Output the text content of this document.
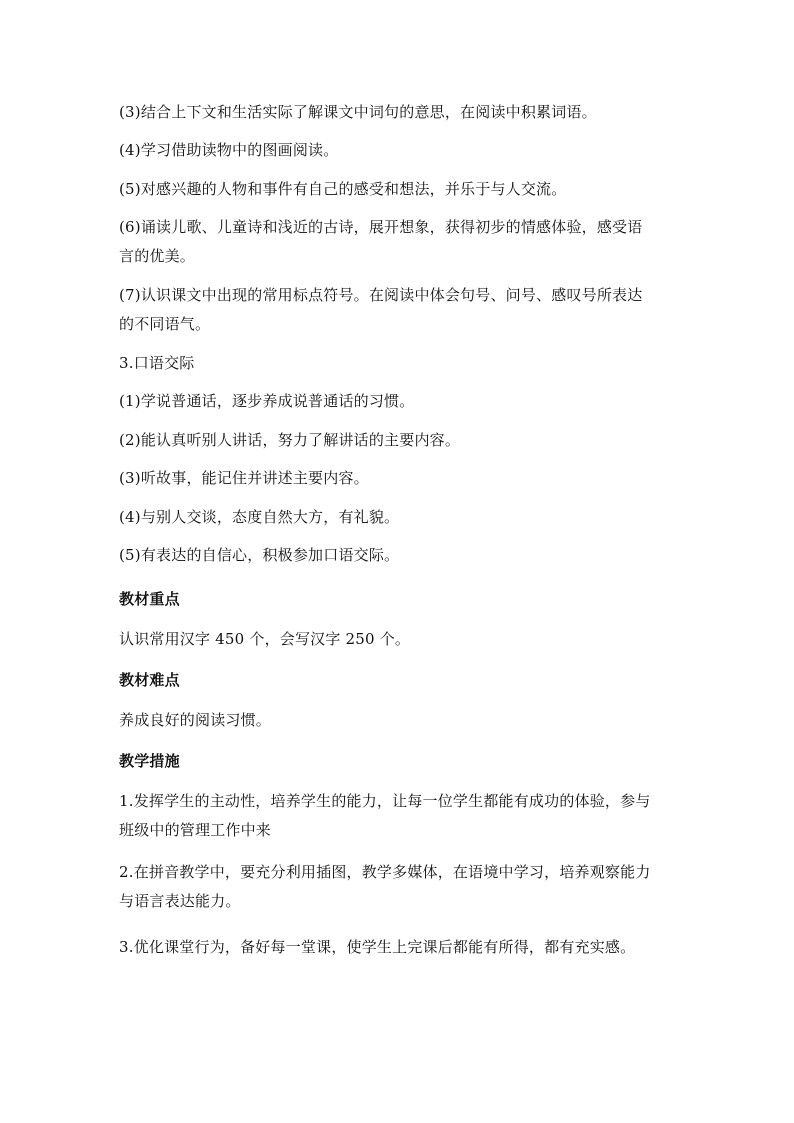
(3)结合上下文和生活实际了解课文中词句的意思，在阅读中积累词语。
(4)学习借助读物中的图画阅读。
(5)对感兴趣的人物和事件有自己的感受和想法，并乐于与人交流。
(6)诵读儿歌、儿童诗和浅近的古诗，展开想象，获得初步的情感体验，感受语
言的优美。
(7)认识课文中出现的常用标点符号。在阅读中体会句号、问号、感叹号所表达
的不同语气。
3.口语交际
(1)学说普通话，逐步养成说普通话的习惯。
(2)能认真听别人讲话，努力了解讲话的主要内容。
(3)听故事，能记住并讲述主要内容。
(4)与别人交谈，态度自然大方，有礼貌。
(5)有表达的自信心，积极参加口语交际。
教材重点
认识常用汉字 450 个，会写汉字 250 个。
教材难点
养成良好的阅读习惯。
教学措施
1.发挥学生的主动性，培养学生的能力，让每一位学生都能有成功的体验，参与
班级中的管理工作中来
2.在拼音教学中，要充分利用插图，教学多媒体，在语境中学习，培养观察能力
与语言表达能力。
3.优化课堂行为，备好每一堂课，使学生上完课后都能有所得，都有充实感。
